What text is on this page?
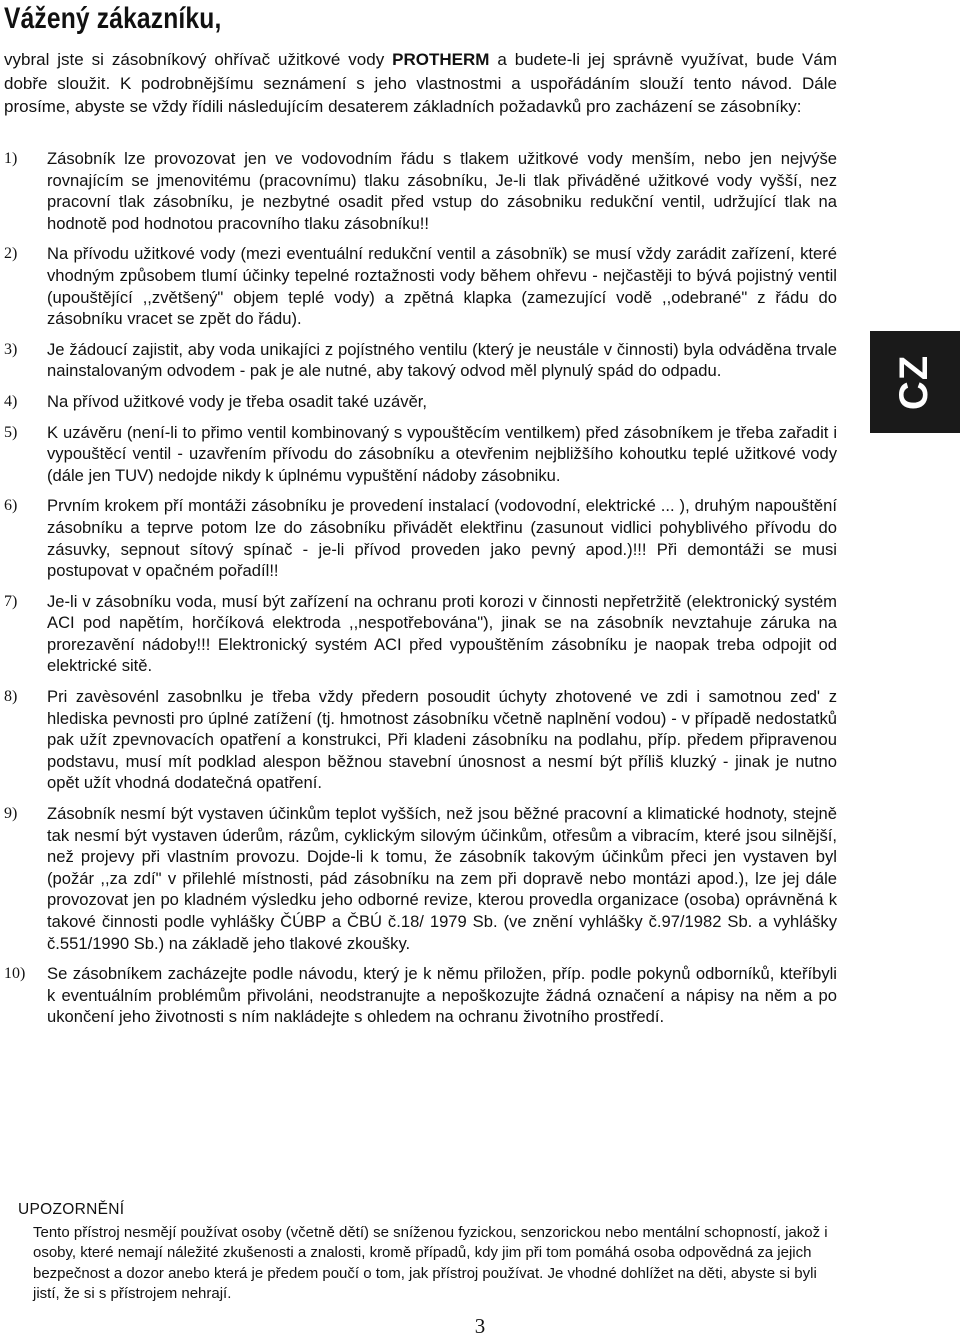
Vážený zákazníku,

vybral jste si zásobníkový ohřívač užitkové vody PROTHERM a budete-li jej správně využívat, bude Vám dobře sloužit. K podrobnějšímu seznámení s jeho vlastnostmi a uspořádáním slouží tento návod. Dále prosíme, abyste se vždy řídili následujícím desaterem základních požadavků pro zacházení se zásobníky:

1) Zásobník lze provozovat jen ve vodovodním řádu s tlakem užitkové vody menším, nebo jen nejvýše rovnajícím se jmenovitému (pracovnímu) tlaku zásobníku, Je-li tlak přiváděné užitkové vody vyšší, nez pracovní tlak zásobníku, je nezbytné osadit před vstup do zásobniku redukční ventil, udržující tlak na hodnotě pod hodnotou pracovního tlaku zásobníku!!
2) Na přívodu užitkové vody (mezi eventuální redukční ventil a zásobnïk) se musí vždy zarádit zařízení, které vhodným způsobem tlumí účinky tepelné roztažnosti vody během ohřevu - nejčastěji to bývá pojistný ventil (upouštějící ,,zvětšený" objem teplé vody) a zpětná klapka (zamezující vodě ,,odebrané" z řádu do zásobníku vracet se zpět do řádu).
3) Je žádoucí zajistit, aby voda unikajíci z pojístného ventilu (který je neustále v činnosti) byla odváděna trvale nainstalovaným odvodem - pak je ale nutné, aby takový odvod měl plynulý spád do odpadu.
4) Na přívod užitkové vody je třeba osadit také uzávěr,
5) K uzávěru (není-li to přimo ventil kombinovaný s vypouštěcím ventilkem) před zásobníkem je třeba zařadit i vypouštěcí ventil - uzavřením přívodu do zásobníku a otevřenim nejbližšího kohoutku teplé užitkové vody (dále jen TUV) nedojde nikdy k úplnému vypuštění nádoby zásobniku.
6) Prvním krokem pří montáži zásobníku je provedení instalací (vodovodní, elektrické ... ), druhým napouštění zásobníku a teprve potom lze do zásobníku přivádět elektřinu (zasunout vidlici pohyblivého přívodu do zásuvky, sepnout sítový spínač - je-li přívod proveden jako pevný apod.)!!! Při demontáži se musi postupovat v opačném pořadíl!!
7) Je-li v zásobníku voda, musí být zařízení na ochranu proti korozi v činnosti nepřetržitě (elektronický systém ACI pod napětím, horčíková elektroda ,,nespotřebována"), jinak se na zásobník nevztahuje záruka na prorezavění nádoby!!! Elektronický systém ACI před vypouštěním zásobníku je naopak treba odpojit od elektrické sitě.
8) Pri zavèsovénl zasobnlku je třeba vždy předern posoudit úchyty zhotovené ve zdi i samotnou zed' z hlediska pevnosti pro úplné zatížení (tj. hmotnost zásobníku včetně naplnění vodou) - v případě nedostatků pak užít zpevnovacích opatření a konstrukci, Při kladeni zásobníku na podlahu, příp. předem připravenou podstavu, musí mít podklad alespon běžnou stavební únosnost a nesmí být příliš kluzký - jinak je nutno opět užít vhodná dodatečná opatření.
9) Zásobník nesmí být vystaven účinkům teplot vyšších, než jsou běžné pracovní a klimatické hodnoty, stejně tak nesmí být vystaven úderům, rázům, cyklickým silovým účinkům, otřesům a vibracím, které jsou silnější, než projevy při vlastním provozu. Dojde-li k tomu, že zásobník takovým účinkům přeci jen vystaven byl (požár ,,za zdí" v přilehlé místnosti, pád zásobníku na zem při dopravě nebo montázi apod.), lze jej dále provozovat jen po kladném výsledku jeho odborné revize, kterou provedla organizace (osoba) oprávněná k takové činnosti podle vyhlášky ČÚBP a ČBÚ č.18/ 1979 Sb. (ve znění vyhlášky č.97/1982 Sb. a vyhlášky č.551/1990 Sb.) na základě jeho tlakové zkoušky.
10) Se zásobníkem zacházejte podle návodu, který je k němu přiložen, příp. podle pokynů odborníků, kteříbyli k eventuálním problémům přivoláni, neodstranujte a nepoškozujte žádná označení a nápisy na něm a po ukončení jeho životnosti s ním nakládejte s ohledem na ochranu životního prostředí.
UPOZORNĚNÍ
Tento přístroj nesmějí používat osoby (včetně dětí) se sníženou fyzickou, senzorickou nebo mentální schopností, jakož i osoby, které nemají náležité zkušenosti a znalosti, kromě případů, kdy jim při tom pomáhá osoba odpovědná za jejich bezpečnost a dozor anebo která je předem poučí o tom, jak přístroj používat. Je vhodné dohlížet na děti, abyste si byli jistí, že si s přístrojem nehrají.
3
CZ
